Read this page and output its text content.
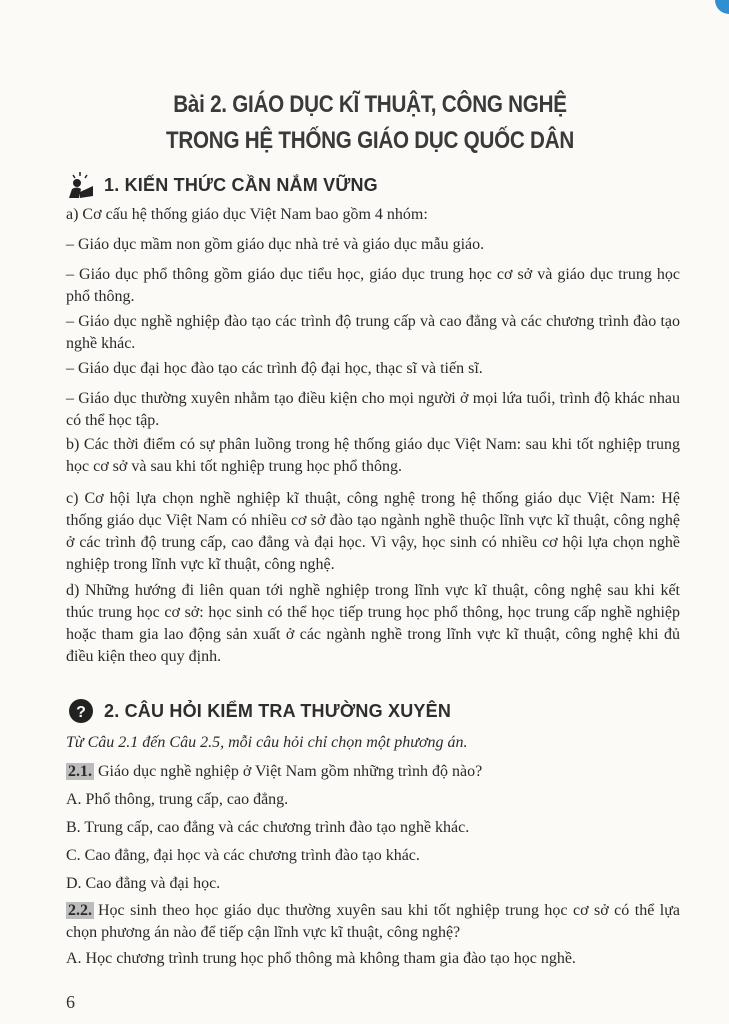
Bài 2. GIÁO DỤC KĨ THUẬT, CÔNG NGHỆ
TRONG HỆ THỐNG GIÁO DỤC QUỐC DÂN
1. KIẾN THỨC CẦN NẮM VỮNG
a) Cơ cấu hệ thống giáo dục Việt Nam bao gồm 4 nhóm:
– Giáo dục mầm non gồm giáo dục nhà trẻ và giáo dục mẫu giáo.
– Giáo dục phổ thông gồm giáo dục tiểu học, giáo dục trung học cơ sở và giáo dục trung học phổ thông.
– Giáo dục nghề nghiệp đào tạo các trình độ trung cấp và cao đẳng và các chương trình đào tạo nghề khác.
– Giáo dục đại học đào tạo các trình độ đại học, thạc sĩ và tiến sĩ.
– Giáo dục thường xuyên nhằm tạo điều kiện cho mọi người ở mọi lứa tuổi, trình độ khác nhau có thể học tập.
b) Các thời điểm có sự phân luồng trong hệ thống giáo dục Việt Nam: sau khi tốt nghiệp trung học cơ sở và sau khi tốt nghiệp trung học phổ thông.
c) Cơ hội lựa chọn nghề nghiệp kĩ thuật, công nghệ trong hệ thống giáo dục Việt Nam: Hệ thống giáo dục Việt Nam có nhiều cơ sở đào tạo ngành nghề thuộc lĩnh vực kĩ thuật, công nghệ ở các trình độ trung cấp, cao đẳng và đại học. Vì vậy, học sinh có nhiều cơ hội lựa chọn nghề nghiệp trong lĩnh vực kĩ thuật, công nghệ.
d) Những hướng đi liên quan tới nghề nghiệp trong lĩnh vực kĩ thuật, công nghệ sau khi kết thúc trung học cơ sở: học sinh có thể học tiếp trung học phổ thông, học trung cấp nghề nghiệp hoặc tham gia lao động sản xuất ở các ngành nghề trong lĩnh vực kĩ thuật, công nghệ khi đủ điều kiện theo quy định.
? 2. CÂU HỎI KIỂM TRA THƯỜNG XUYÊN
Từ Câu 2.1 đến Câu 2.5, mỗi câu hỏi chỉ chọn một phương án.
2.1. Giáo dục nghề nghiệp ở Việt Nam gồm những trình độ nào?
A. Phổ thông, trung cấp, cao đẳng.
B. Trung cấp, cao đẳng và các chương trình đào tạo nghề khác.
C. Cao đẳng, đại học và các chương trình đào tạo khác.
D. Cao đẳng và đại học.
2.2. Học sinh theo học giáo dục thường xuyên sau khi tốt nghiệp trung học cơ sở có thể lựa chọn phương án nào để tiếp cận lĩnh vực kĩ thuật, công nghệ?
A. Học chương trình trung học phổ thông mà không tham gia đào tạo học nghề.
6
